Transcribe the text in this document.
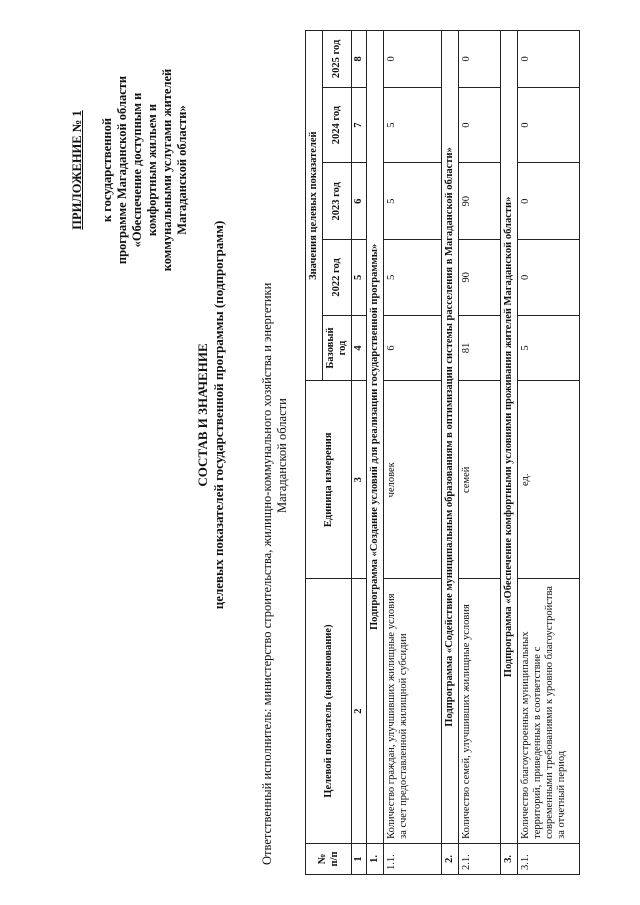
ПРИЛОЖЕНИЕ № 1 к государственной программе Магаданской области «Обеспечение доступным и комфортным жильем и коммунальными услугами жителей Магаданской области»
СОСТАВ И ЗНАЧЕНИЕ целевых показателей государственной программы (подпрограмм)	Ответственный исполнитель: министерство строительства, жилищно-коммунального хозяйства и энергетики Магаданской области
№ п/п	Целевой показатель (наименование)	Единица измерения	Значения целевых показателей				
			Базовый год	2022 год	2023 год	2024 год	2025 год
1	2	3	4	5	6	7	8
1.	Подпрограмма «Создание условий для реализации государственной программы»						
1.1.	Количество граждан, улучшивших жилищные условия за счет предоставленной жилищной субсидии	человек	6	5	5	5	0
2.	Подпрограмма «Содействие муниципальным образованиям в оптимизации системы расселения в Магаданской области»						
2.1.	Количество семей, улучшивших жилищные условия	семей	81	90	90	0	0
3.	Подпрограмма «Обеспечение комфортными условиями проживания жителей Магаданской области»						
3.1.	Количество благоустроенных муниципальных территорий, приведенных в соответствие с современными требованиями к уровню благоустройства за отчетный период	ед.	5	0	0	0	0
